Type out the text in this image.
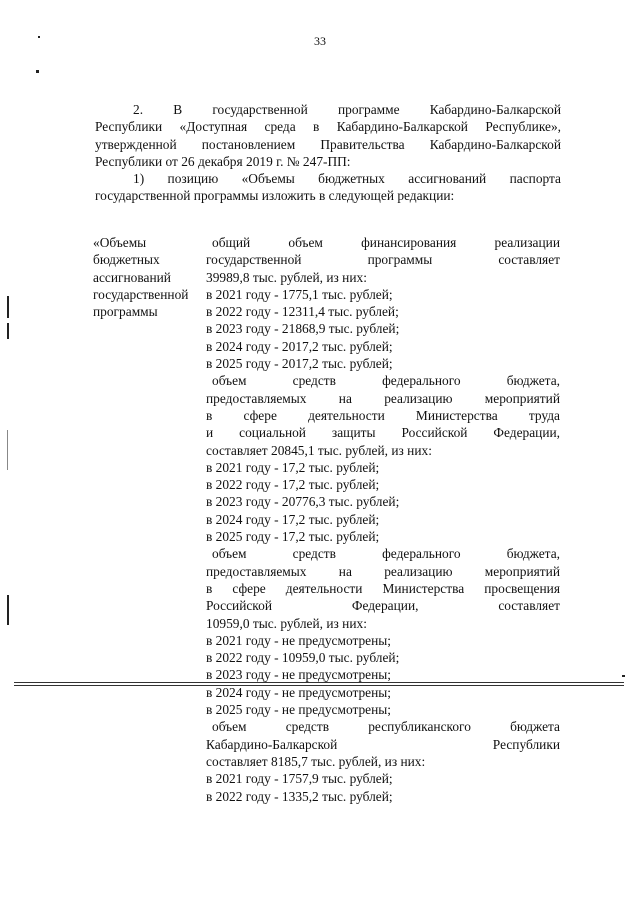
33
2. В государственной программе Кабардино-Балкарской
Республики «Доступная среда в Кабардино-Балкарской Республике»,
утвержденной постановлением Правительства Кабардино-Балкарской
Республики от 26 декабря 2019 г. № 247-ПП:
1) позицию «Объемы бюджетных ассигнований паспорта
государственной программы изложить в следующей редакции:
«Объемы
бюджетных
ассигнований
государственной
программы
общий объем финансирования реализации
государственной программы составляет
39989,8 тыс. рублей, из них:
в 2021 году - 1775,1 тыс. рублей;
в 2022 году - 12311,4 тыс. рублей;
в 2023 году - 21868,9 тыс. рублей;
в 2024 году - 2017,2 тыс. рублей;
в 2025 году - 2017,2 тыс. рублей;
объем средств федерального бюджета,
предоставляемых на реализацию мероприятий
в сфере деятельности Министерства труда
и социальной защиты Российской Федерации,
составляет 20845,1 тыс. рублей, из них:
в 2021 году - 17,2 тыс. рублей;
в 2022 году - 17,2 тыс. рублей;
в 2023 году - 20776,3 тыс. рублей;
в 2024 году - 17,2 тыс. рублей;
в 2025 году - 17,2 тыс. рублей;
объем средств федерального бюджета,
предоставляемых на реализацию мероприятий
в сфере деятельности Министерства просвещения
Российской Федерации, составляет
10959,0 тыс. рублей, из них:
в 2021 году - не предусмотрены;
в 2022 году - 10959,0 тыс. рублей;
в 2023 году - не предусмотрены;
в 2024 году - не предусмотрены;
в 2025 году - не предусмотрены;
объем средств республиканского бюджета
Кабардино-Балкарской Республики
составляет 8185,7 тыс. рублей, из них:
в 2021 году - 1757,9 тыс. рублей;
в 2022 году - 1335,2 тыс. рублей;
